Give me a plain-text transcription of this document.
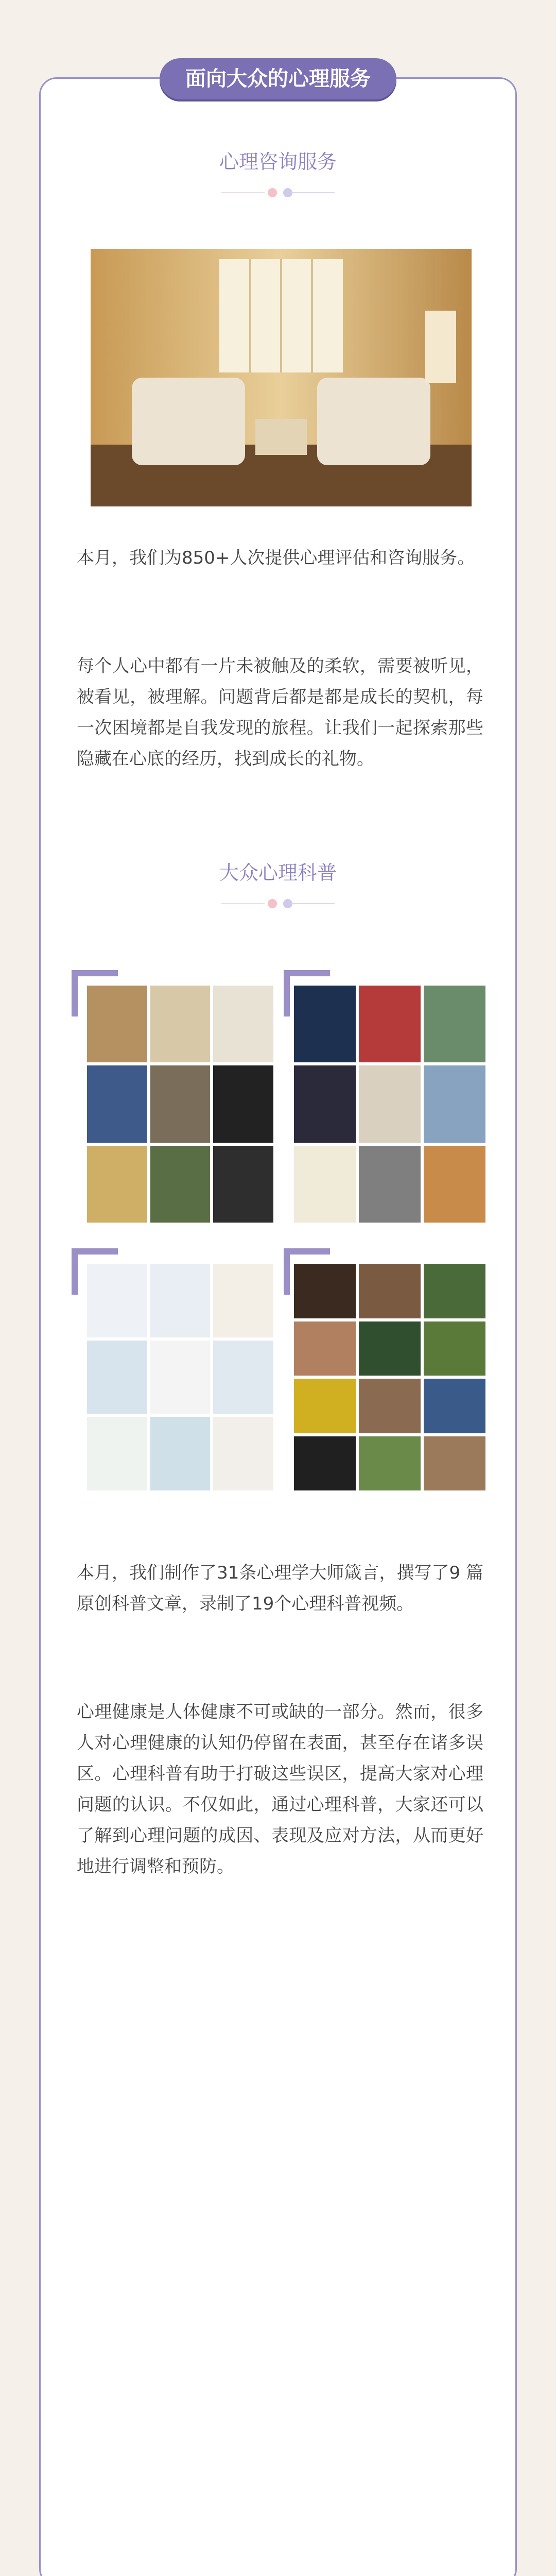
面向大众的心理服务
心理咨询服务

本月，我们为850+人次提供心理评估和咨询服务。

每个人心中都有一片未被触及的柔软，需要被听见，被看见，被理解。问题背后都是都是成长的契机，每一次困境都是自我发现的旅程。让我们一起探索那些隐藏在心底的经历，找到成长的礼物。

大众心理科普

本月，我们制作了31条心理学大师箴言，撰写了9 篇原创科普文章，录制了19个心理科普视频。

心理健康是人体健康不可或缺的一部分。然而，很多人对心理健康的认知仍停留在表面，甚至存在诸多误区。心理科普有助于打破这些误区，提高大家对心理问题的认识。不仅如此，通过心理科普，大家还可以了解到心理问题的成因、表现及应对方法，从而更好地进行调整和预防。
